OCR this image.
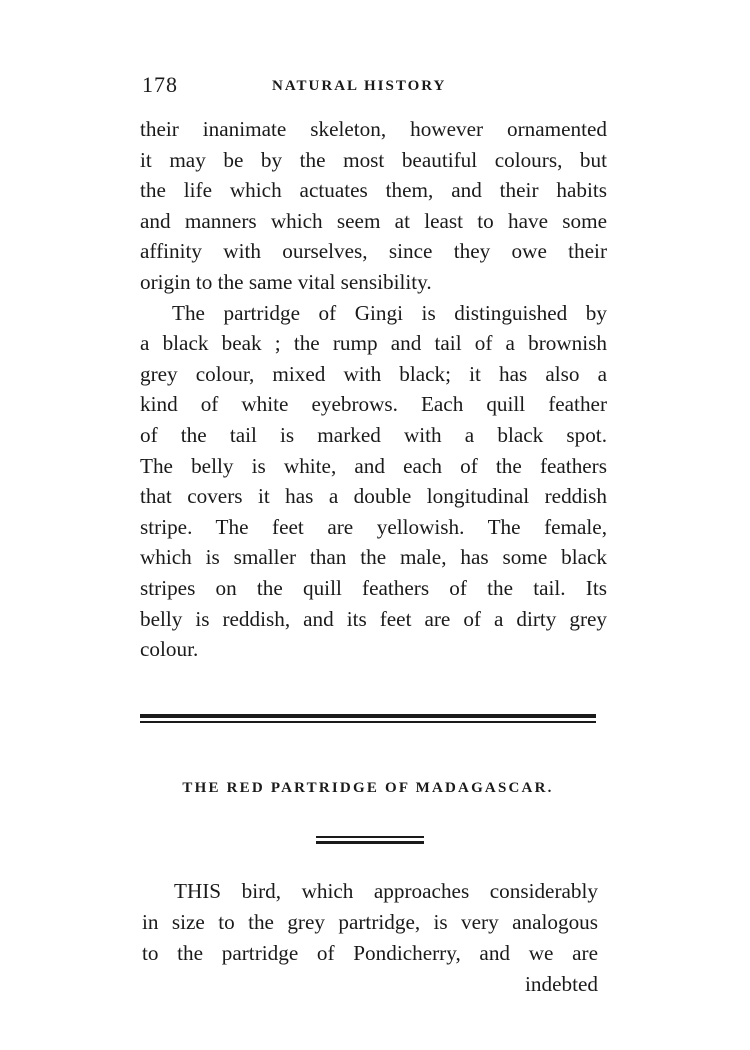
178	NATURAL HISTORY
their inanimate skeleton, however ornamented
it may be by the most beautiful colours, but
the life which actuates them, and their habits
and manners which seem at least to have some
affinity with ourselves, since they owe their
origin to the same vital sensibility.
The partridge of Gingi is distinguished by
a black beak ; the rump and tail of a brownish
grey colour, mixed with black; it has also a
kind of white eyebrows. Each quill feather
of the tail is marked with a black spot.
The belly is white, and each of the feathers
that covers it has a double longitudinal reddish
stripe. The feet are yellowish. The female,
which is smaller than the male, has some black
stripes on the quill feathers of the tail. Its
belly is reddish, and its feet are of a dirty grey
colour.
THE RED PARTRIDGE OF MADAGASCAR.
THIS bird, which approaches considerably
in size to the grey partridge, is very analogous
to the partridge of Pondicherry, and we are
indebted
